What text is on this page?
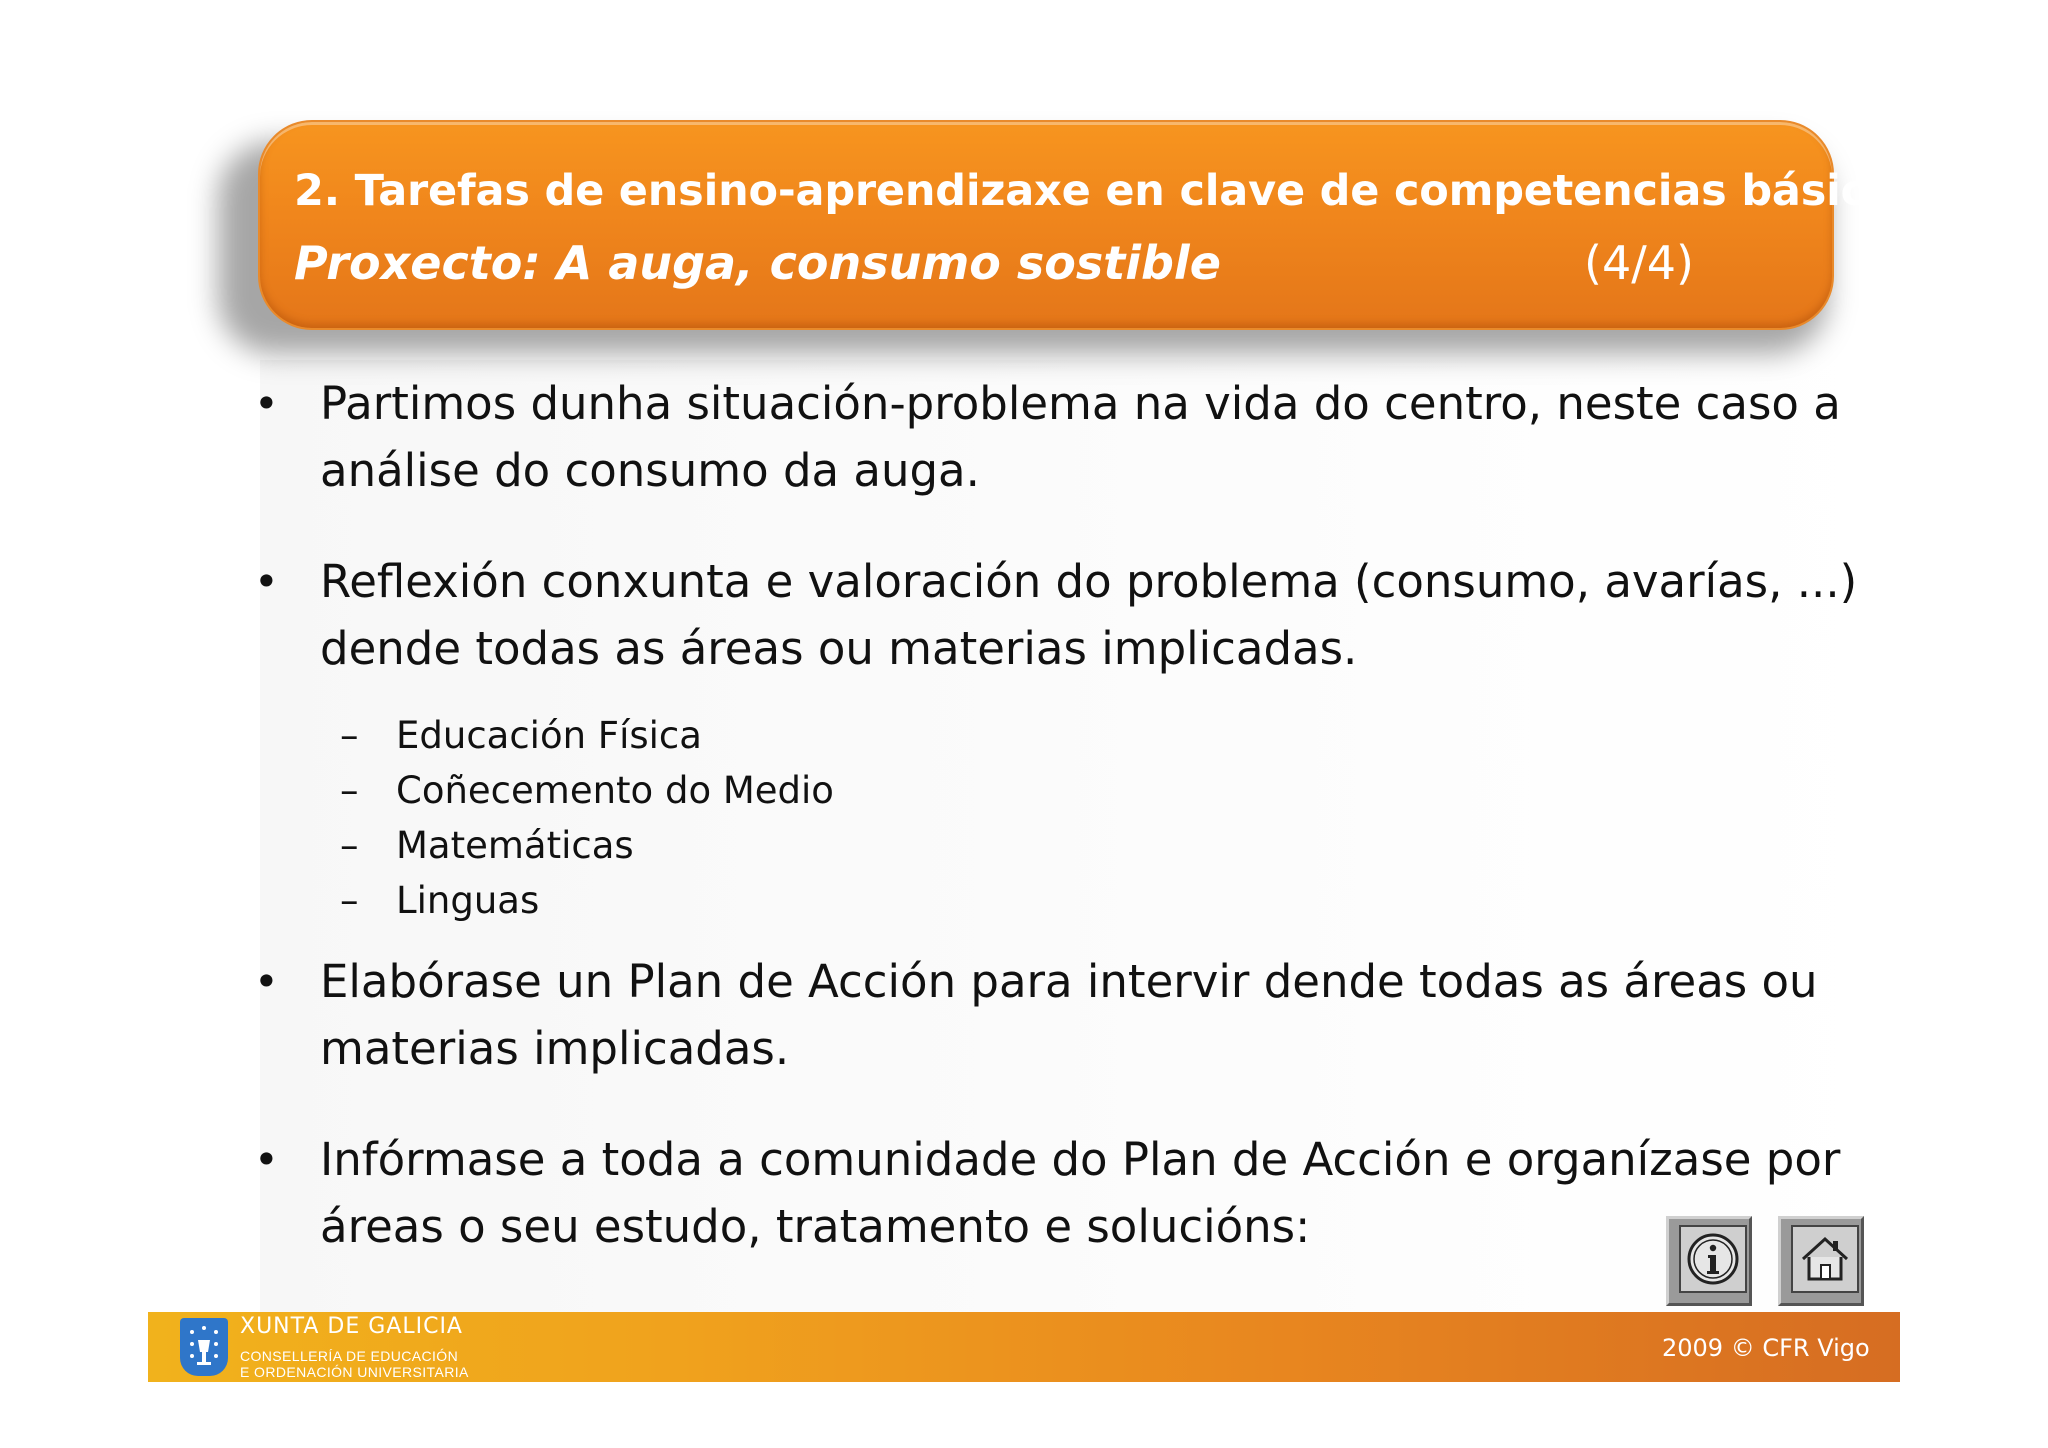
2. Tarefas de ensino-aprendizaxe en clave de competencias básicas.
Proxecto: A auga, consumo sostible	(4/4)
• Partimos dunha situación-problema na vida do centro, neste caso a análise do consumo da auga.
• Reflexión conxunta e valoración do problema (consumo, avarías, ...) dende todas as áreas ou materias implicadas.
– Educación Física
– Coñecemento do Medio
– Matemáticas
– Linguas
• Elabórase un Plan de Acción para intervir dende todas as áreas ou materias implicadas.
• Infórmase a toda a comunidade do Plan de Acción e organízase por áreas o seu estudo, tratamento e solucións:
XUNTA DE GALICIA
CONSELLERÍA DE EDUCACIÓN
E ORDENACIÓN UNIVERSITARIA
2009 © CFR Vigo
